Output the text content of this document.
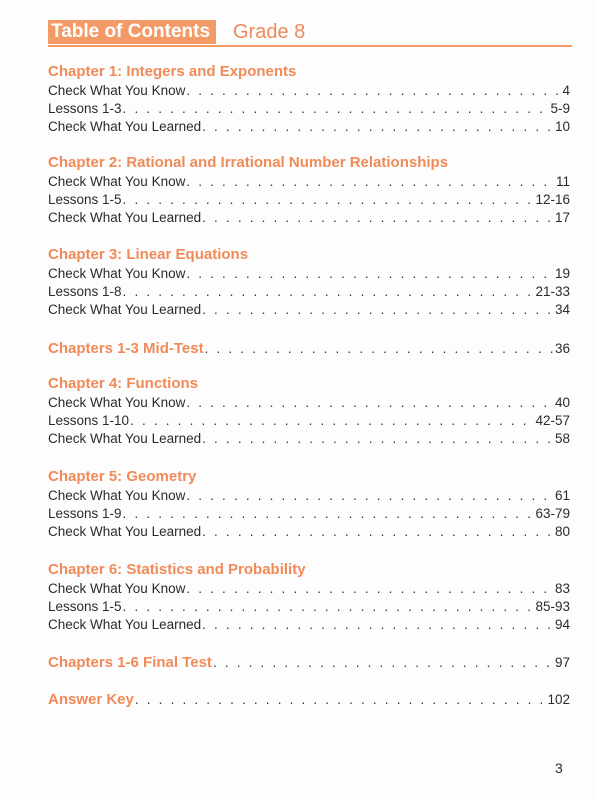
Table of Contents	Grade 8
Chapter 1: Integers and Exponents
Check What You Know . . .	4
Lessons 1-3 . . .	5-9
Check What You Learned . . .	10
Chapter 2: Rational and Irrational Number Relationships
Check What You Know . . .	11
Lessons 1-5 . . .	12-16
Check What You Learned . . .	17
Chapter 3: Linear Equations
Check What You Know . . .	19
Lessons 1-8 . . .	21-33
Check What You Learned . . .	34
Chapters 1-3 Mid-Test . . .	36
Chapter 4: Functions
Check What You Know . . .	40
Lessons 1-10 . . .	42-57
Check What You Learned . . .	58
Chapter 5: Geometry
Check What You Know . . .	61
Lessons 1-9 . . .	63-79
Check What You Learned . . .	80
Chapter 6: Statistics and Probability
Check What You Know . . .	83
Lessons 1-5 . . .	85-93
Check What You Learned . . .	94
Chapters 1-6 Final Test . . .	97
Answer Key . . .	102
3
